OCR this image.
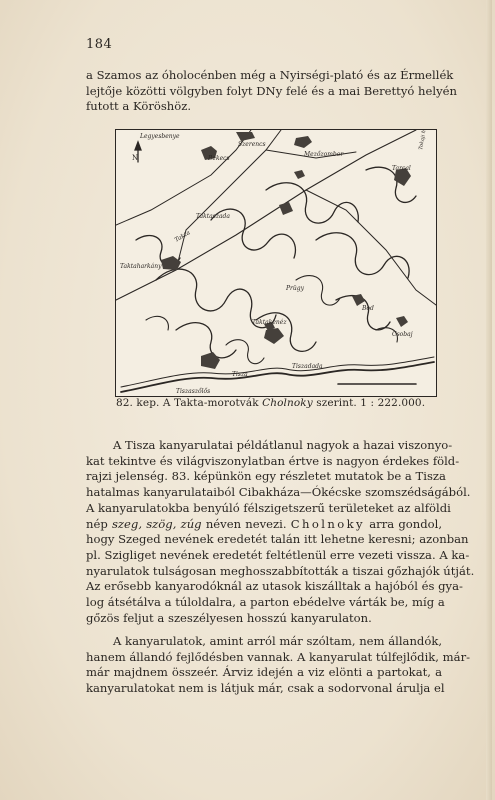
184
a Szamos az óholocénben még a Nyirségi-plató és az Érmellék
lejtője közötti völgyben folyt DNy felé és a mai Berettyó helyén
futott a Köröshöz.
Legyesbenye
Bekecs
Szerencs
Mezőzombor
Tarcal
Tokaji hegy
Taktaszada
Taktaharkány
Prügy
Taktakenéz
Bod
Csobaj
Tiszadada
Tiszaszőlős
Tisza
Takta
N
82. kep. A Takta-morotvák Cholnoky szerint. 1 : 222.000.
A Tisza kanyarulatai példátlanul nagyok a hazai viszonyo-
kat tekintve és világviszonylatban értve is nagyon érdekes föld-
rajzi jelenség. 83. képünkön egy részletet mutatok be a Tisza
hatalmas kanyarulataiból Cibakháza—Ókécske szomszédságából.
A kanyarulatokba benyúló félszigetszerű területeket az alföldi
nép szeg, szög, zúg néven nevezi. Cholnoky arra gondol,
hogy Szeged nevének eredetét talán itt lehetne keresni; azonban
pl. Szigliget nevének eredetét feltétlenül erre vezeti vissza. A ka-
nyarulatok tulságosan meghosszabbították a tiszai gőzhajók útját.
Az erősebb kanyarodóknál az utasok kiszálltak a hajóból és gya-
log átsétálva a túloldalra, a parton ebédelve várták be, míg a
gőzös feljut a szeszélyesen hosszú kanyarulaton.
A kanyarulatok, amint arról már szóltam, nem állandók,
hanem állandó fejlődésben vannak. A kanyarulat túlfejlődik, már-
már majdnem összeér. Árviz idején a viz elönti a partokat, a
kanyarulatokat nem is látjuk már, csak a sodorvonal árulja el
